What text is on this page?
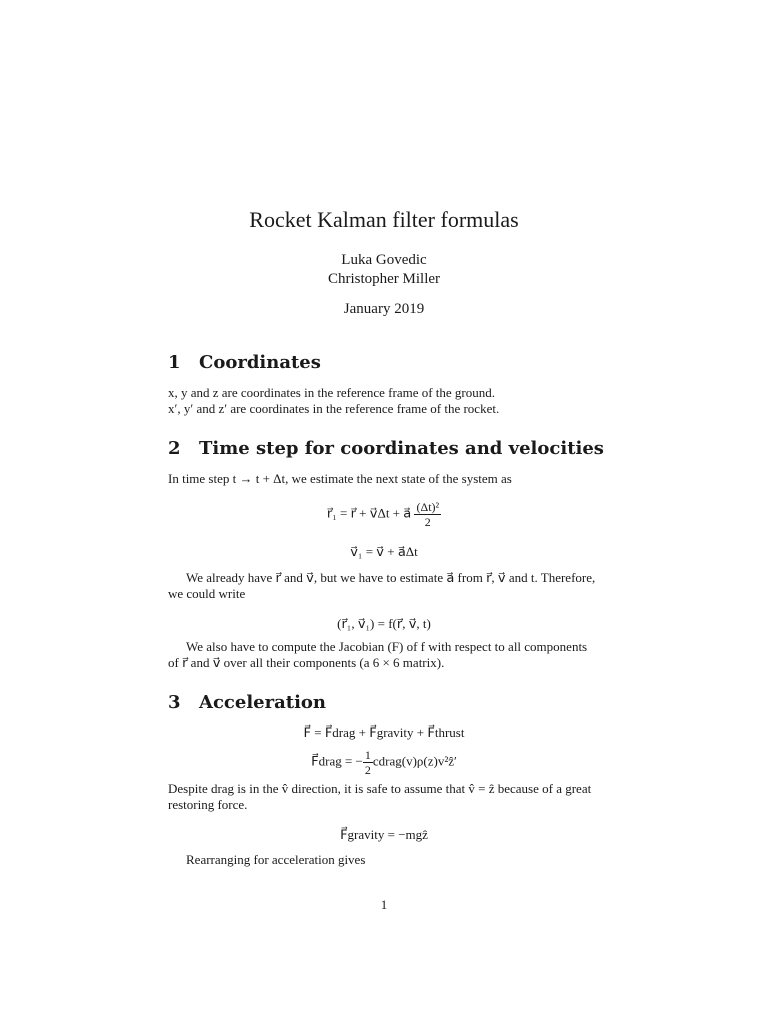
Rocket Kalman filter formulas
Luka Govedic
Christopher Miller
January 2019
1 Coordinates
x, y and z are coordinates in the reference frame of the ground.
x′, y′ and z′ are coordinates in the reference frame of the rocket.
2 Time step for coordinates and velocities
In time step t → t + Δt, we estimate the next state of the system as
r⃗₁ = r⃗ + v⃗Δt + a⃗ $\frac{\text{(Δt)²}}{2}$
v⃗₁ = v⃗ + a⃗Δt
We already have r⃗ and v⃗, but we have to estimate a⃗ from r⃗, v⃗ and t. Therefore, we could write
(r⃗₁, v⃗₁) = f(r⃗, v⃗, t)
We also have to compute the Jacobian (F) of f with respect to all components of r⃗ and v⃗ over all their components (a 6 × 6 matrix).
3 Acceleration
F⃗ = F⃗drag + F⃗gravity + F⃗thrust
F⃗drag = − $\frac{1}{2}$ cdrag(v)ρ(z)v²ẑ′
Despite drag is in the v̂ direction, it is safe to assume that v̂ = ẑ because of a great restoring force.
F⃗gravity = −mgẑ
Rearranging for acceleration gives
1
